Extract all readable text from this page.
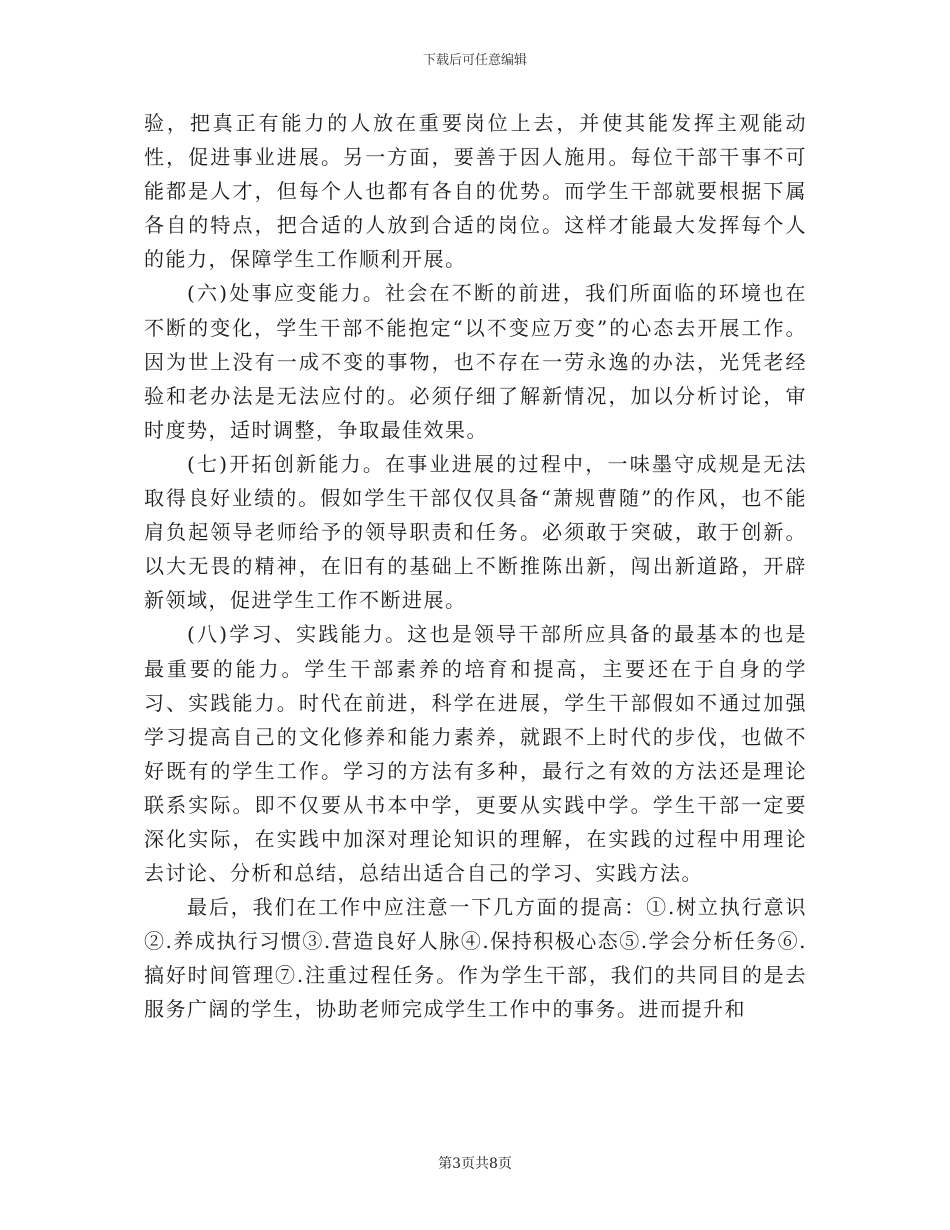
下载后可任意编辑

验，把真正有能力的人放在重要岗位上去，并使其能发挥主观能动性，促进事业进展。另一方面，要善于因人施用。每位干部干事不可能都是人才，但每个人也都有各自的优势。而学生干部就要根据下属各自的特点，把合适的人放到合适的岗位。这样才能最大发挥每个人的能力，保障学生工作顺利开展。

(六)处事应变能力。社会在不断的前进，我们所面临的环境也在不断的变化，学生干部不能抱定“以不变应万变”的心态去开展工作。因为世上没有一成不变的事物，也不存在一劳永逸的办法，光凭老经验和老办法是无法应付的。必须仔细了解新情况，加以分析讨论，审时度势，适时调整，争取最佳效果。

(七)开拓创新能力。在事业进展的过程中，一味墨守成规是无法取得良好业绩的。假如学生干部仅仅具备“萧规曹随”的作风，也不能肩负起领导老师给予的领导职责和任务。必须敢于突破，敢于创新。以大无畏的精神，在旧有的基础上不断推陈出新，闯出新道路，开辟新领域，促进学生工作不断进展。

(八)学习、实践能力。这也是领导干部所应具备的最基本的也是最重要的能力。学生干部素养的培育和提高，主要还在于自身的学习、实践能力。时代在前进，科学在进展，学生干部假如不通过加强学习提高自己的文化修养和能力素养，就跟不上时代的步伐，也做不好既有的学生工作。学习的方法有多种，最行之有效的方法还是理论联系实际。即不仅要从书本中学，更要从实践中学。学生干部一定要深化实际，在实践中加深对理论知识的理解，在实践的过程中用理论去讨论、分析和总结，总结出适合自己的学习、实践方法。

最后，我们在工作中应注意一下几方面的提高：①.树立执行意识②.养成执行习惯③.营造良好人脉④.保持积极心态⑤.学会分析任务⑥.搞好时间管理⑦.注重过程任务。作为学生干部，我们的共同目的是去服务广阔的学生，协助老师完成学生工作中的事务。进而提升和

第3页共8页
